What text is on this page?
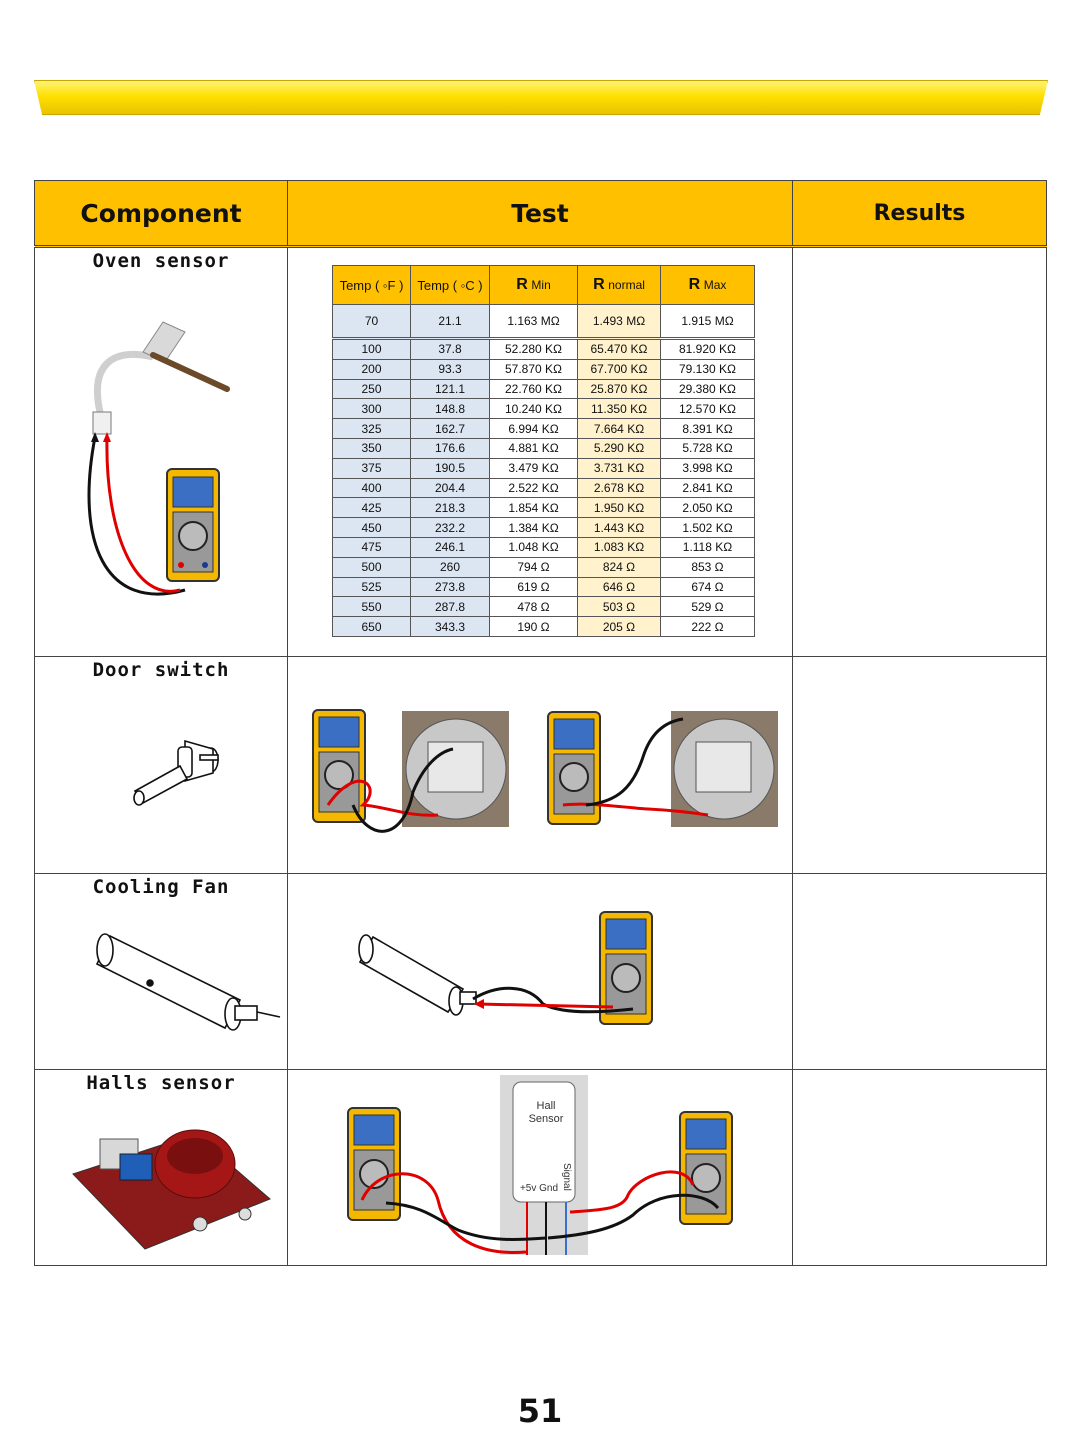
Component	Test	Results

Oven sensor		

Door switch

Cooling Fan

Halls sensor	Hall
Sensor
+5v Gnd Signal	

Temp ( ◦F )	Temp ( ◦C )	R Min	R normal	R Max
70	21.1	1.163 MΩ	1.493 MΩ	1.915 MΩ
100	37.8	52.280 KΩ	65.470 KΩ	81.920 KΩ
200	93.3	57.870 KΩ	67.700 KΩ	79.130 KΩ
250	121.1	22.760 KΩ	25.870 KΩ	29.380 KΩ
300	148.8	10.240 KΩ	11.350 KΩ	12.570 KΩ
325	162.7	6.994 KΩ	7.664 KΩ	8.391 KΩ
350	176.6	4.881 KΩ	5.290 KΩ	5.728 KΩ
375	190.5	3.479 KΩ	3.731 KΩ	3.998 KΩ
400	204.4	2.522 KΩ	2.678 KΩ	2.841 KΩ
425	218.3	1.854 KΩ	1.950 KΩ	2.050 KΩ
450	232.2	1.384 KΩ	1.443 KΩ	1.502 KΩ
475	246.1	1.048 KΩ	1.083 KΩ	1.118 KΩ
500	260	794 Ω	824 Ω	853 Ω
525	273.8	619 Ω	646 Ω	674 Ω
550	287.8	478 Ω	503 Ω	529 Ω
650	343.3	190 Ω	205 Ω	222 Ω
51
